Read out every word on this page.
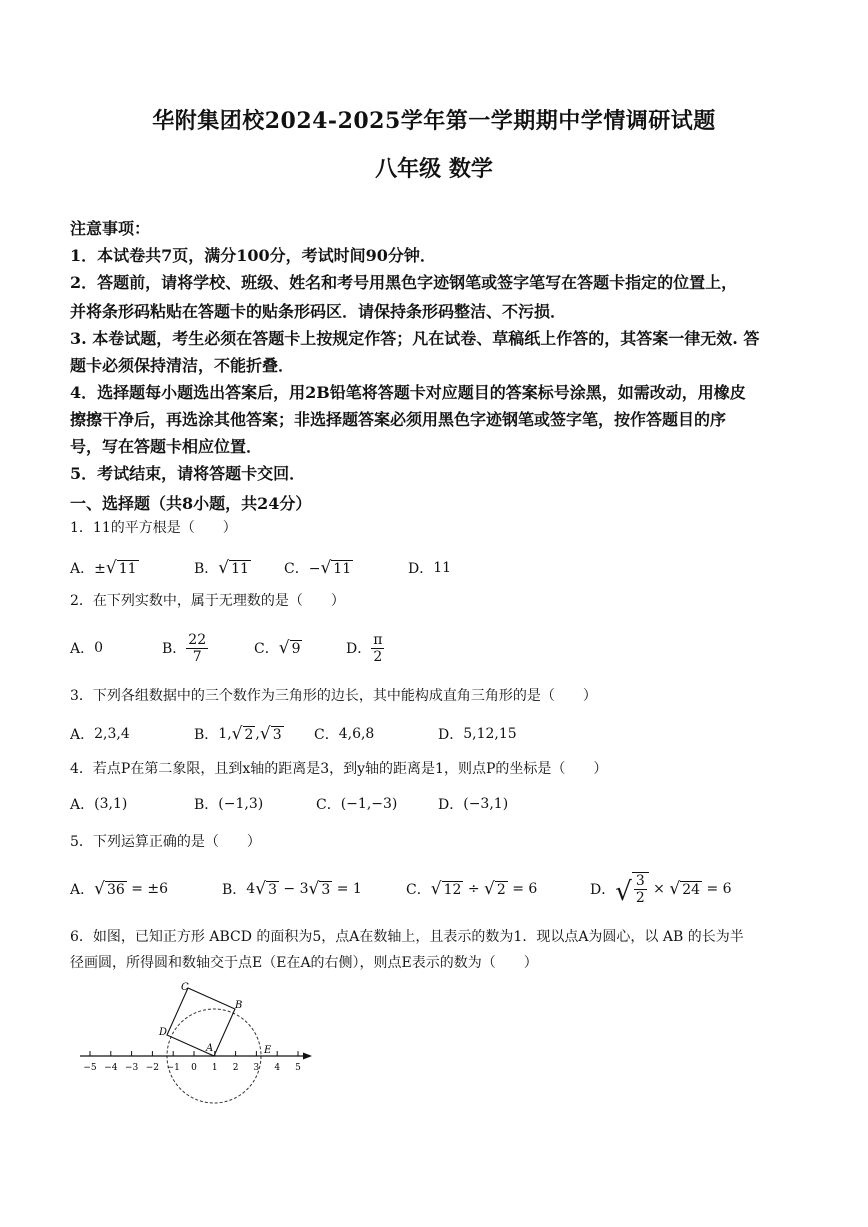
华附集团校2024-2025学年第一学期期中学情调研试题
八年级 数学
注意事项：
1．本试卷共7页，满分100分，考试时间90分钟．
2．答题前，请将学校、班级、姓名和考号用黑色字迹钢笔或签字笔写在答题卡指定的位置上，
并将条形码粘贴在答题卡的贴条形码区．请保持条形码整洁、不污损．
3. 本卷试题，考生必须在答题卡上按规定作答；凡在试卷、草稿纸上作答的，其答案一律无效. 答
题卡必须保持清洁，不能折叠．
4．选择题每小题选出答案后，用2B铅笔将答题卡对应题目的答案标号涂黑，如需改动，用橡皮
擦擦干净后，再选涂其他答案；非选择题答案必须用黑色字迹钢笔或签字笔，按作答题目的序
号，写在答题卡相应位置．
5．考试结束，请将答题卡交回．
一、选择题（共8小题，共24分）
1．11的平方根是（　　）
A． ± √ 11	B． √ 11	C． − √ 11	D． 11
2．在下列实数中，属于无理数的是（　　）
A． 0	B． $\frac{22}{7}$	C． √ 9	D． $\frac{\pi}{2}$
3．下列各组数据中的三个数作为三角形的边长，其中能构成直角三角形的是（　　）
A． 2,3,4	B． 1, √ 2 , √ 3 C． 4,6,8	D． 5,12,15
4．若点P在第二象限，且到x轴的距离是3，到y轴的距离是1，则点P的坐标是（　　）
A． (3,1)	B． (−1,3)	C． (−1,−3)	D． (−3,1)
5．下列运算正确的是（　　）
A． √ 36 = ±6	B． 4 √ 3 − 3 √ 3 = 1	C． √ 12 ÷ √ 2 = 6	D． √ $\frac{3}{2}$ × √ 24 = 6
6．如图，已知正方形 ABCD 的面积为5，点A在数轴上，且表示的数为1．现以点A为圆心，以 AB 的长为半
径画圆，所得圆和数轴交于点E（E在A的右侧），则点E表示的数为（　　）
−5 −4 −3 −2 −1 0 1 2 3 4 5
A
B
C
D
E
